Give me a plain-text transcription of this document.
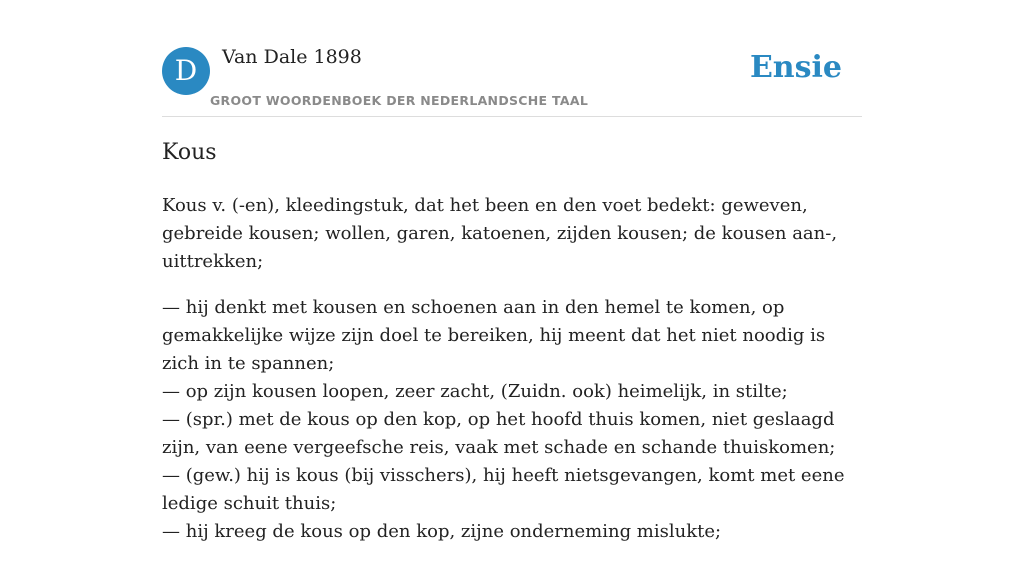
D	Van Dale 1898
GROOT WOORDENBOEK DER NEDERLANDSCHE TAAL
Ensie
Kous

Kous v. (-en), kleedingstuk, dat het been en den voet bedekt: geweven, gebreide kousen; wollen, garen, katoenen, zijden kousen; de kousen aan-, uittrekken;

— hij denkt met kousen en schoenen aan in den hemel te komen, op gemakkelijke wijze zijn doel te bereiken, hij meent dat het niet noodig is zich in te spannen;
— op zijn kousen loopen, zeer zacht, (Zuidn. ook) heimelijk, in stilte;
— (spr.) met de kous op den kop, op het hoofd thuis komen, niet geslaagd zijn, van eene vergeefsche reis, vaak met schade en schande thuiskomen;
— (gew.) hij is kous (bij visschers), hij heeft nietsgevangen, komt met eene ledige schuit thuis;
— hij kreeg de kous op den kop, zijne onderneming mislukte;
